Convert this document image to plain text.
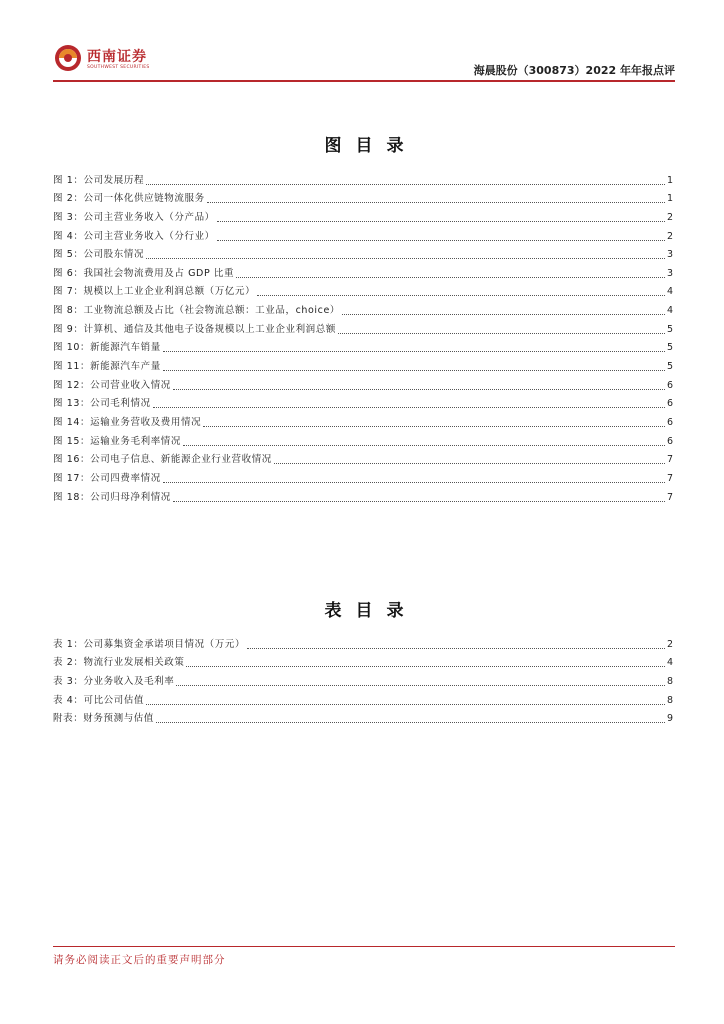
西南证券
SOUTHWEST SECURITIES	海晨股份（300873）2022 年年报点评
图目录
图 1：公司发展历程	1
图 2：公司一体化供应链物流服务	1
图 3：公司主营业务收入（分产品）	2
图 4：公司主营业务收入（分行业）	2
图 5：公司股东情况	3
图 6：我国社会物流费用及占 GDP 比重	3
图 7：规模以上工业企业利润总额（万亿元）	4
图 8：工业物流总额及占比（社会物流总额：工业品，choice）	4
图 9：计算机、通信及其他电子设备规模以上工业企业利润总额	5
图 10：新能源汽车销量	5
图 11：新能源汽车产量	5
图 12：公司营业收入情况	6
图 13：公司毛利情况	6
图 14：运输业务营收及费用情况	6
图 15：运输业务毛利率情况	6
图 16：公司电子信息、新能源企业行业营收情况	7
图 17：公司四费率情况	7
图 18：公司归母净利情况	7
表目录
表 1：公司募集资金承诺项目情况（万元）	2
表 2：物流行业发展相关政策	4
表 3：分业务收入及毛利率	8
表 4：可比公司估值	8
附表：财务预测与估值	9
请务必阅读正文后的重要声明部分
